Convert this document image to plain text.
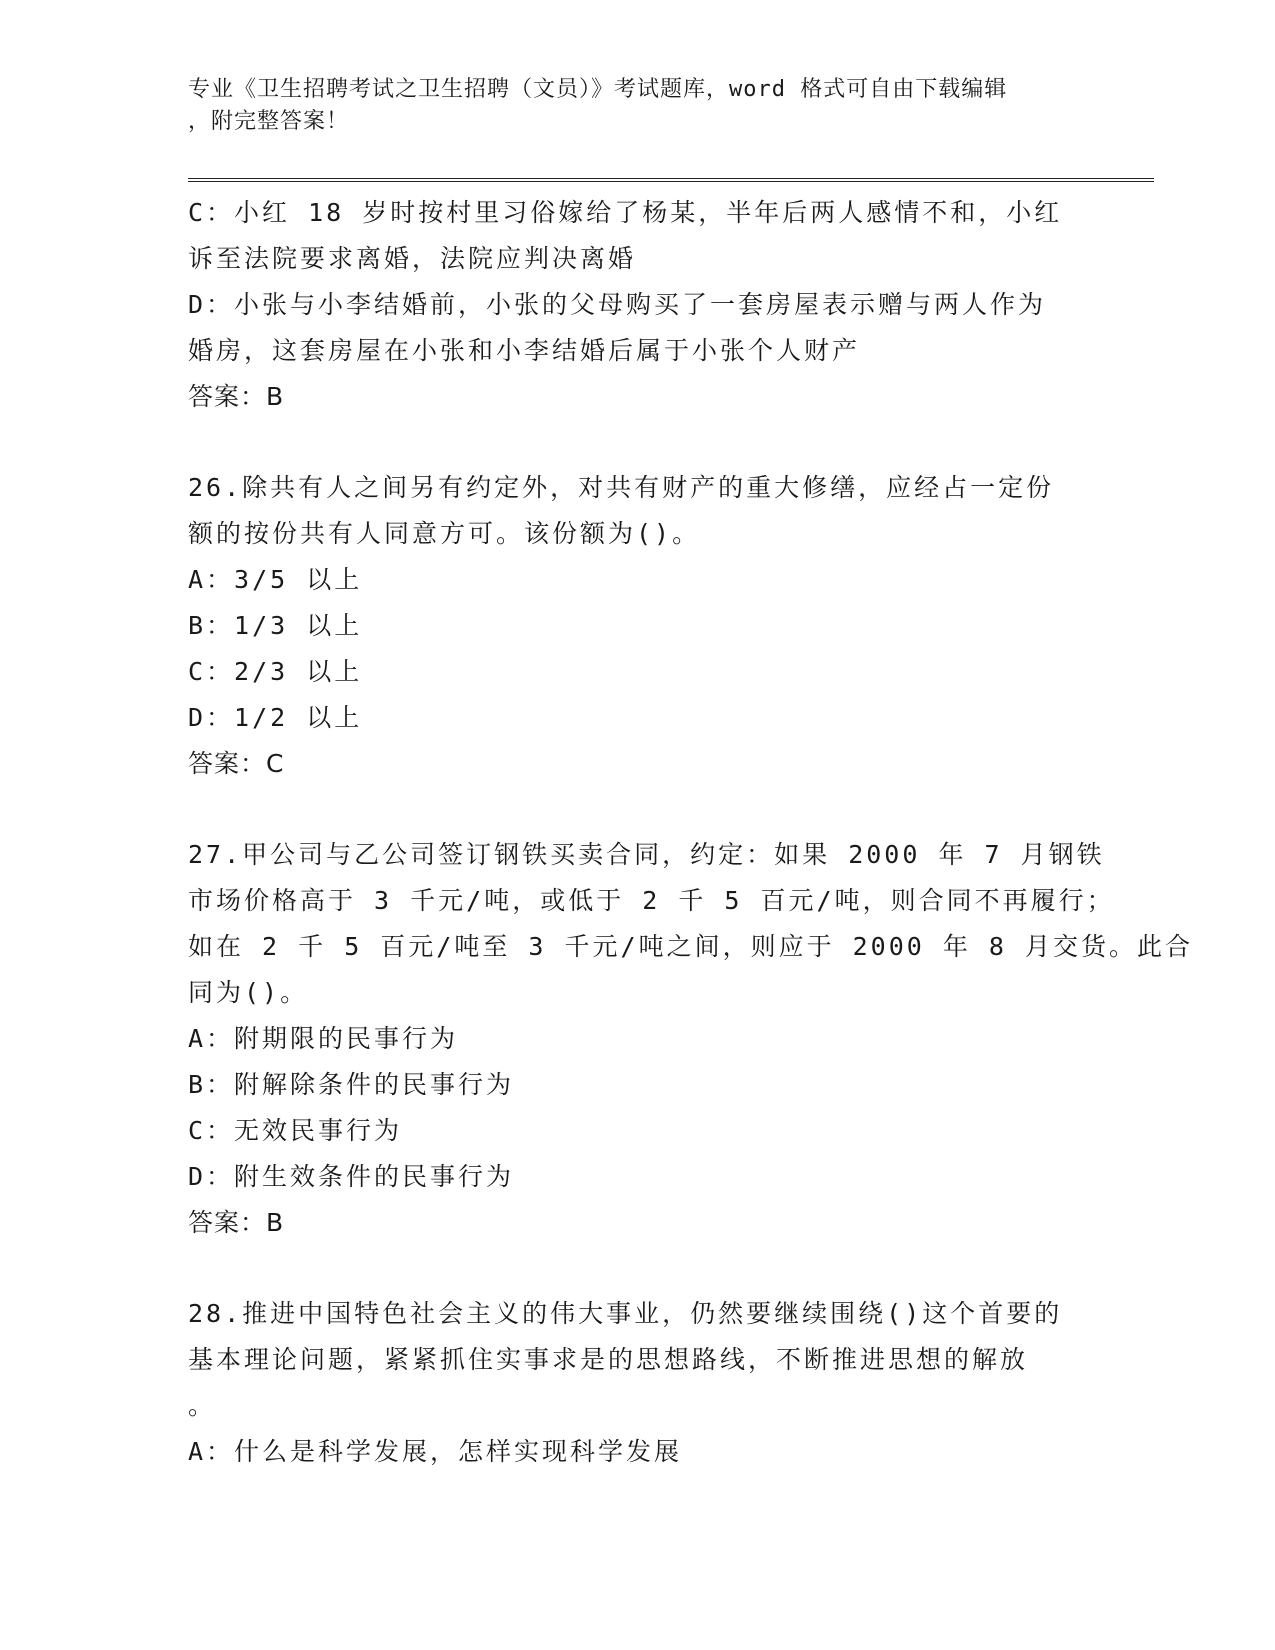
专业《卫生招聘考试之卫生招聘（文员）》考试题库，word 格式可自由下载编辑
，附完整答案！
C：小红 18 岁时按村里习俗嫁给了杨某，半年后两人感情不和，小红
诉至法院要求离婚，法院应判决离婚
D：小张与小李结婚前，小张的父母购买了一套房屋表示赠与两人作为
婚房，这套房屋在小张和小李结婚后属于小张个人财产
答案：B
26.除共有人之间另有约定外，对共有财产的重大修缮，应经占一定份
额的按份共有人同意方可。该份额为()。
A：3/5 以上
B：1/3 以上
C：2/3 以上
D：1/2 以上
答案：C
27.甲公司与乙公司签订钢铁买卖合同，约定：如果 2000 年 7 月钢铁
市场价格高于 3 千元/吨，或低于 2 千 5 百元/吨，则合同不再履行；
如在 2 千 5 百元/吨至 3 千元/吨之间，则应于 2000 年 8 月交货。此合
同为()。
A：附期限的民事行为
B：附解除条件的民事行为
C：无效民事行为
D：附生效条件的民事行为
答案：B
28.推进中国特色社会主义的伟大事业，仍然要继续围绕()这个首要的
基本理论问题，紧紧抓住实事求是的思想路线，不断推进思想的解放
。
A：什么是科学发展，怎样实现科学发展
